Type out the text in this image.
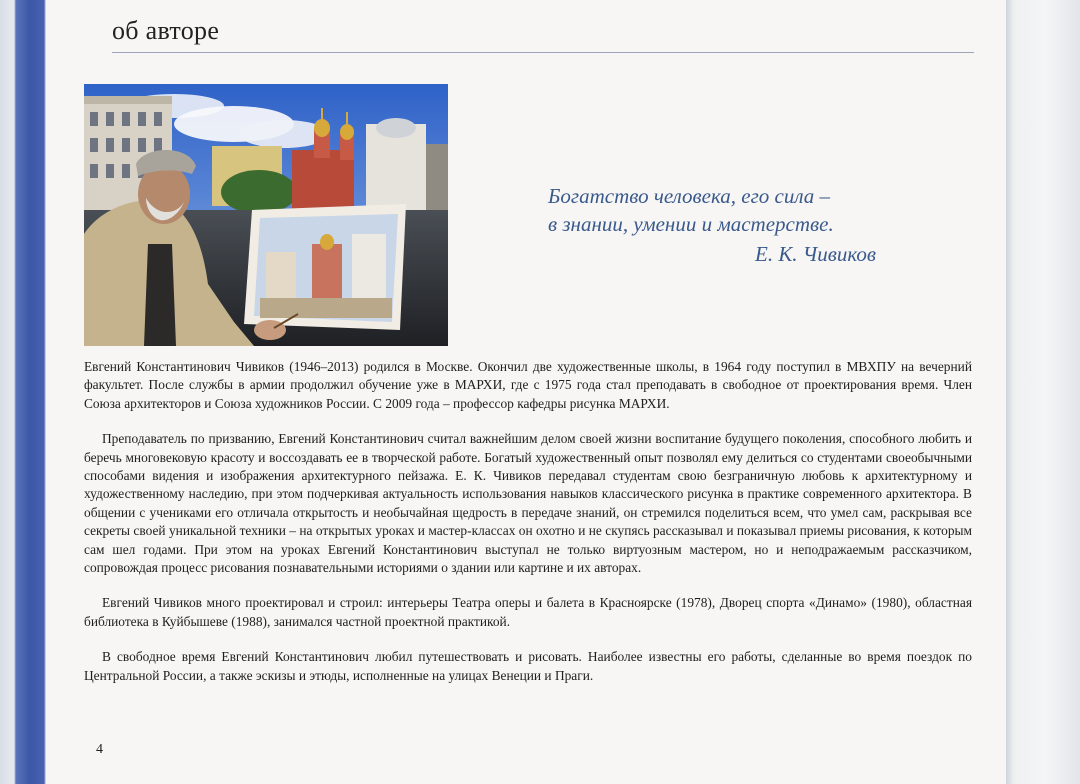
об авторе
Богатство человека, его сила –
в знании, умении и мастерстве.
Е. К. Чивиков

Евгений Константинович Чивиков (1946–2013) родился в Москве. Окончил две художественные школы, в 1964 году поступил в МВХПУ на вечерний факультет. После службы в армии продолжил обучение уже в МАРХИ, где с 1975 года стал преподавать в свободное от проектирования время. Член Союза архитекторов и Союза художников России. С 2009 года – профессор кафедры рисунка МАРХИ.

Преподаватель по призванию, Евгений Константинович считал важнейшим делом своей жизни воспитание будущего поколения, способного любить и беречь многовековую красоту и воссоздавать ее в творческой работе. Богатый художественный опыт позволял ему делиться со студентами своеобычными способами видения и изображения архитектурного пейзажа. Е. К. Чивиков передавал студентам свою безграничную любовь к архитектурному и художественному наследию, при этом подчеркивая актуальность использования навыков классического рисунка в практике современного архитектора. В общении с учениками его отличала открытость и необычайная щедрость в передаче знаний, он стремился поделиться всем, что умел сам, раскрывая все секреты своей уникальной техники – на открытых уроках и мастер-классах он охотно и не скупясь рассказывал и показывал приемы рисования, к которым сам шел годами. При этом на уроках Евгений Константинович выступал не только виртуозным мастером, но и неподражаемым рассказчиком, сопровождая процесс рисования познавательными историями о здании или картине и их авторах.

Евгений Чивиков много проектировал и строил: интерьеры Театра оперы и балета в Красноярске (1978), Дворец спорта «Динамо» (1980), областная библиотека в Куйбышеве (1988), занимался частной проектной практикой.

В свободное время Евгений Константинович любил путешествовать и рисовать. Наиболее известны его работы, сделанные во время поездок по Центральной России, а также эскизы и этюды, исполненные на улицах Венеции и Праги.

4
